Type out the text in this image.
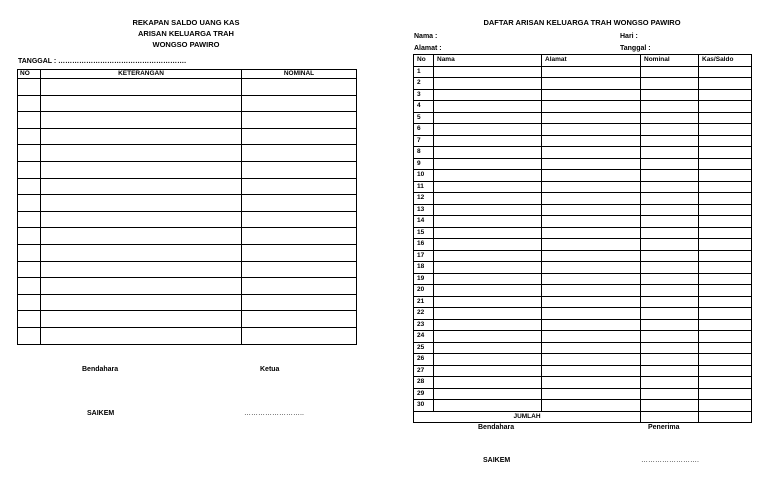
REKAPAN SALDO UANG KAS
ARISAN KELUARGA TRAH
WONGSO PAWIRO
TANGGAL : ……………………………………………….
NO	KETERANGAN	NOMINAL

Bendahara	Ketua
SAIKEM	……………………..
DAFTAR ARISAN KELUARGA TRAH WONGSO PAWIRO
Nama :	Hari :
Alamat :	Tanggal :
No	Nama	Alamat	Nominal	Kas/Saldo
1				
2				
3				
4				
5				
6				
7				
8				
9				
10				
11				
12				
13				
14				
15				
16				
17				
18				
19				
20				
21				
22				
23				
24				
25				
26				
27				
28				
29				
30				
JUMLAH				
Bendahara	Penerima
SAIKEM	…………………….
